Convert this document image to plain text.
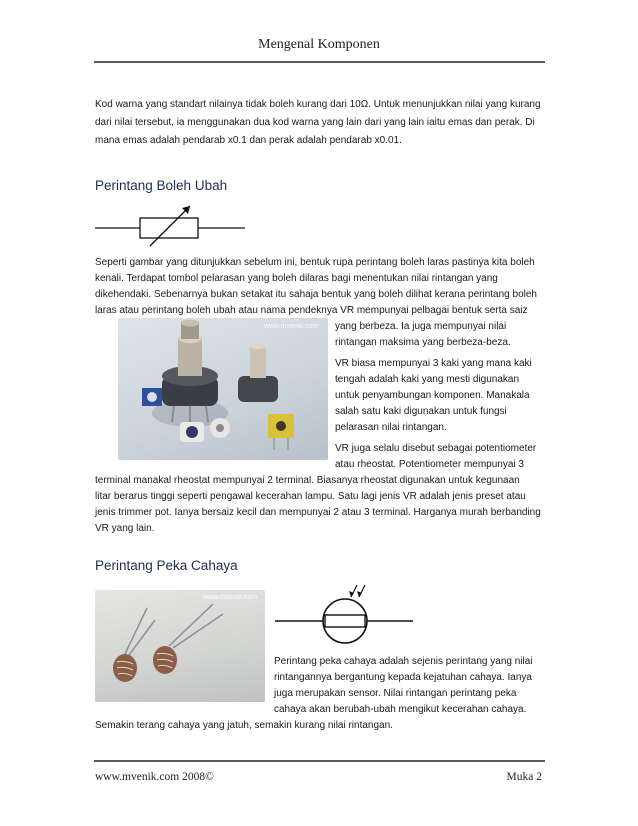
Mengenal Komponen
Kod warna yang standart nilainya tidak boleh kurang dari 10Ω. Untuk menunjukkan nilai yang kurang
dari nilai tersebut, ia menggunakan dua kod warna yang lain dari yang lain iaitu emas dan perak. Di
mana emas adalah pendarab x0.1 dan perak adalah pendarab x0.01.
Perintang Boleh Ubah
Seperti gambar yang ditunjukkan sebelum ini, bentuk rupa perintang boleh laras pastinya kita boleh
kenali. Terdapat tombol pelarasan yang boleh dilaras bagi menentukan nilai rintangan yang
dikehendaki. Sebenarnya bukan setakat itu sahaja bentuk yang boleh dilihat kerana perintang boleh
laras atau perintang boleh ubah atau nama pendeknya VR mempunyai pelbagai bentuk serta saiz
www.mvenik.com yang berbeza. Ia juga mempunyai nilai
rintangan maksima yang berbeza-beza.
VR biasa mempunyai 3 kaki yang mana kaki
tengah adalah kaki yang mesti digunakan
untuk penyambungan komponen. Manakala
salah satu kaki digunakan untuk fungsi
pelarasan nilai rintangan.
VR juga selalu disebut sebagai potentiometer
atau rheostat. Potentiometer mempunyai 3
terminal manakal rheostat mempunyai 2 terminal. Biasanya rheostat digunakan untuk kegunaan
litar berarus tinggi seperti pengawal kecerahan lampu. Satu lagi jenis VR adalah jenis preset atau
jenis trimmer pot. Ianya bersaiz kecil dan mempunyai 2 atau 3 terminal. Harganya murah berbanding
VR yang lain.
Perintang Peka Cahaya
www.mvenik.com
Perintang peka cahaya adalah sejenis perintang yang nilai
rintangannya bergantung kepada kejatuhan cahaya. Ianya
juga merupakan sensor. Nilai rintangan perintang peka
cahaya akan berubah-ubah mengikut kecerahan cahaya.
Semakin terang cahaya yang jatuh, semakin kurang nilai rintangan.
www.mvenik.com 2008©	Muka 2
